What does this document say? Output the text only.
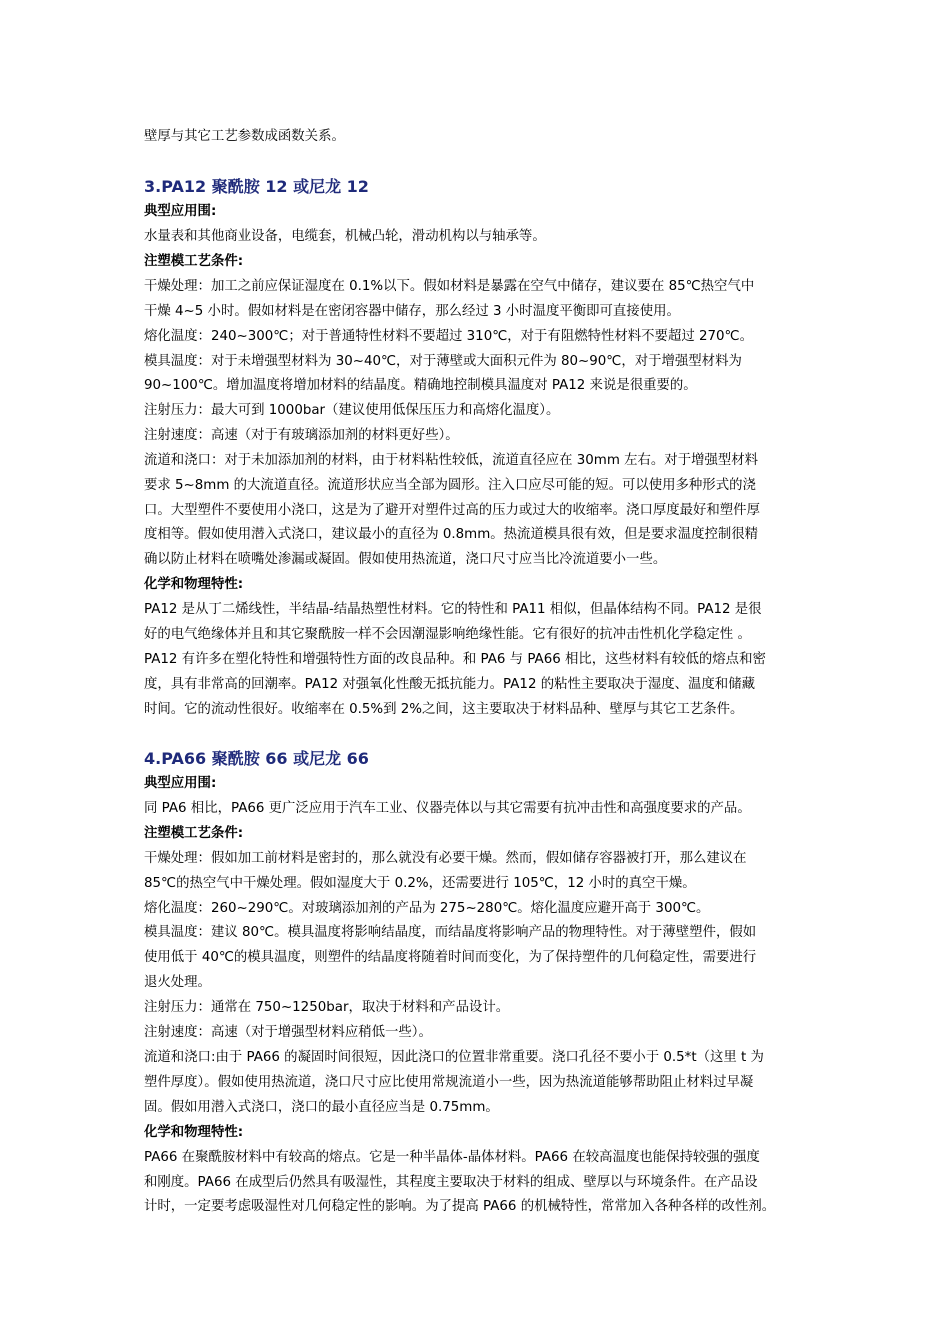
壁厚与其它工艺参数成函数关系。
3.PA12 聚酰胺 12 或尼龙 12
典型应用围:
水量表和其他商业设备，电缆套，机械凸轮，滑动机构以与轴承等。
注塑模工艺条件:
干燥处理：加工之前应保证湿度在 0.1%以下。假如材料是暴露在空气中储存，建议要在 85℃热空气中
干燥 4~5 小时。假如材料是在密闭容器中储存，那么经过 3 小时温度平衡即可直接使用。
熔化温度：240~300℃；对于普通特性材料不要超过 310℃，对于有阻燃特性材料不要超过 270℃。
模具温度：对于未增强型材料为 30~40℃，对于薄壁或大面积元件为 80~90℃，对于增强型材料为
90~100℃。增加温度将增加材料的结晶度。精确地控制模具温度对 PA12 来说是很重要的。
注射压力：最大可到 1000bar（建议使用低保压压力和高熔化温度）。
注射速度：高速（对于有玻璃添加剂的材料更好些）。
流道和浇口：对于未加添加剂的材料，由于材料粘性较低，流道直径应在 30mm 左右。对于增强型材料
要求 5~8mm 的大流道直径。流道形状应当全部为圆形。注入口应尽可能的短。可以使用多种形式的浇
口。大型塑件不要使用小浇口，这是为了避开对塑件过高的压力或过大的收缩率。浇口厚度最好和塑件厚
度相等。假如使用潜入式浇口，建议最小的直径为 0.8mm。热流道模具很有效，但是要求温度控制很精
确以防止材料在喷嘴处渗漏或凝固。假如使用热流道，浇口尺寸应当比冷流道要小一些。
化学和物理特性:
PA12 是从丁二烯线性，半结晶-结晶热塑性材料。它的特性和 PA11 相似，但晶体结构不同。PA12 是很
好的电气绝缘体并且和其它聚酰胺一样不会因潮湿影响绝缘性能。它有很好的抗冲击性机化学稳定性 。
PA12 有许多在塑化特性和增强特性方面的改良品种。和 PA6 与 PA66 相比，这些材料有较低的熔点和密
度，具有非常高的回潮率。PA12 对强氧化性酸无抵抗能力。PA12 的粘性主要取决于湿度、温度和储藏
时间。它的流动性很好。收缩率在 0.5%到 2%之间，这主要取决于材料品种、壁厚与其它工艺条件。
4.PA66 聚酰胺 66 或尼龙 66
典型应用围:
同 PA6 相比，PA66 更广泛应用于汽车工业、仪器壳体以与其它需要有抗冲击性和高强度要求的产品。
注塑模工艺条件:
干燥处理：假如加工前材料是密封的，那么就没有必要干燥。然而，假如储存容器被打开，那么建议在
85℃的热空气中干燥处理。假如湿度大于 0.2%，还需要进行 105℃，12 小时的真空干燥。
熔化温度：260~290℃。对玻璃添加剂的产品为 275~280℃。熔化温度应避开高于 300℃。
模具温度：建议 80℃。模具温度将影响结晶度，而结晶度将影响产品的物理特性。对于薄壁塑件，假如
使用低于 40℃的模具温度，则塑件的结晶度将随着时间而变化，为了保持塑件的几何稳定性，需要进行
退火处理。
注射压力：通常在 750~1250bar，取决于材料和产品设计。
注射速度：高速（对于增强型材料应稍低一些）。
流道和浇口:由于 PA66 的凝固时间很短，因此浇口的位置非常重要。浇口孔径不要小于 0.5*t（这里 t 为
塑件厚度）。假如使用热流道，浇口尺寸应比使用常规流道小一些，因为热流道能够帮助阻止材料过早凝
固。假如用潜入式浇口，浇口的最小直径应当是 0.75mm。
化学和物理特性:
PA66 在聚酰胺材料中有较高的熔点。它是一种半晶体-晶体材料。PA66 在较高温度也能保持较强的强度
和刚度。PA66 在成型后仍然具有吸湿性，其程度主要取决于材料的组成、壁厚以与环境条件。在产品设
计时，一定要考虑吸湿性对几何稳定性的影响。为了提高 PA66 的机械特性，常常加入各种各样的改性剂。
